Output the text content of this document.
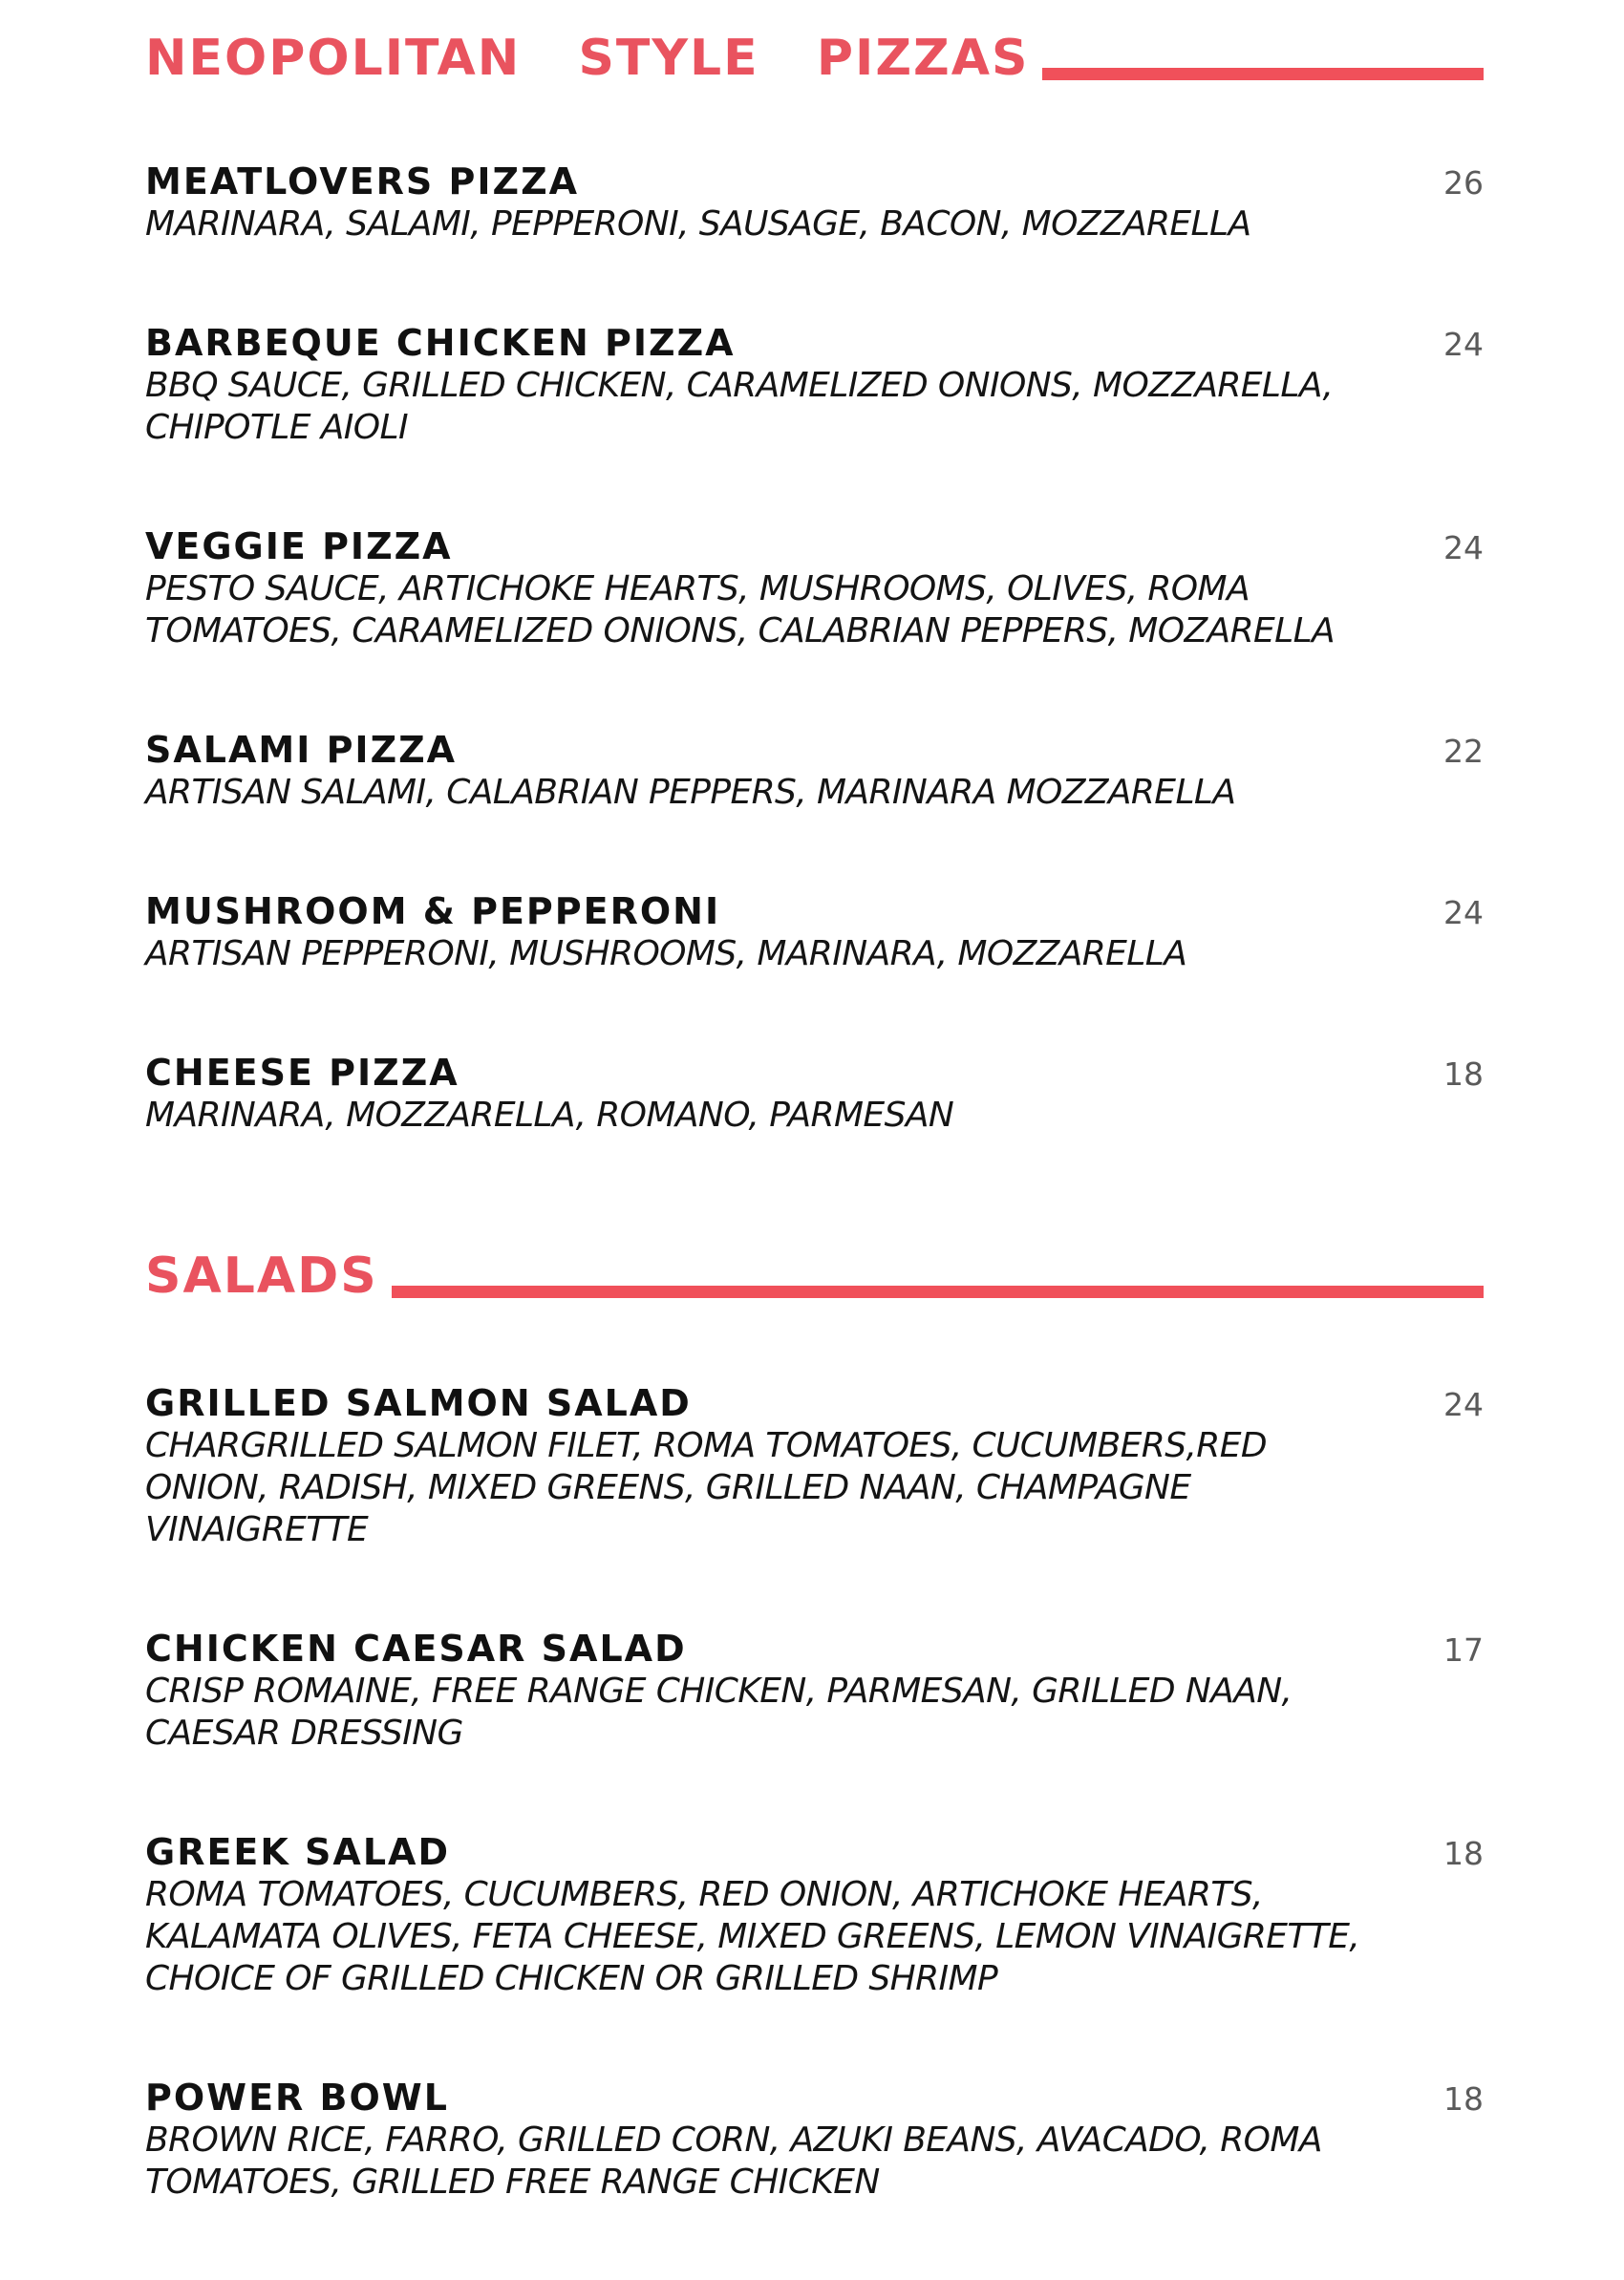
NEOPOLITAN  STYLE  PIZZAS
MEATLOVERS PIZZA	26
MARINARA, SALAMI, PEPPERONI, SAUSAGE, BACON, MOZZARELLA
BARBEQUE CHICKEN PIZZA	24
BBQ SAUCE, GRILLED CHICKEN, CARAMELIZED ONIONS, MOZZARELLA,
CHIPOTLE AIOLI
VEGGIE PIZZA	24
PESTO SAUCE, ARTICHOKE HEARTS, MUSHROOMS, OLIVES, ROMA
TOMATOES, CARAMELIZED ONIONS, CALABRIAN PEPPERS, MOZARELLA
SALAMI PIZZA	22
ARTISAN SALAMI, CALABRIAN PEPPERS, MARINARA MOZZARELLA
MUSHROOM & PEPPERONI	24
ARTISAN PEPPERONI, MUSHROOMS, MARINARA, MOZZARELLA
CHEESE PIZZA	18
MARINARA, MOZZARELLA, ROMANO, PARMESAN
SALADS
GRILLED SALMON SALAD	24
CHARGRILLED SALMON FILET, ROMA TOMATOES, CUCUMBERS,RED
ONION, RADISH, MIXED GREENS, GRILLED NAAN, CHAMPAGNE
VINAIGRETTE
CHICKEN CAESAR SALAD	17
CRISP ROMAINE, FREE RANGE CHICKEN, PARMESAN, GRILLED NAAN,
CAESAR DRESSING
GREEK SALAD	18
ROMA TOMATOES, CUCUMBERS, RED ONION, ARTICHOKE HEARTS,
KALAMATA OLIVES, FETA CHEESE, MIXED GREENS, LEMON VINAIGRETTE,
CHOICE OF GRILLED CHICKEN OR GRILLED SHRIMP
POWER BOWL	18
BROWN RICE, FARRO, GRILLED CORN, AZUKI BEANS, AVACADO, ROMA
TOMATOES, GRILLED FREE RANGE CHICKEN
